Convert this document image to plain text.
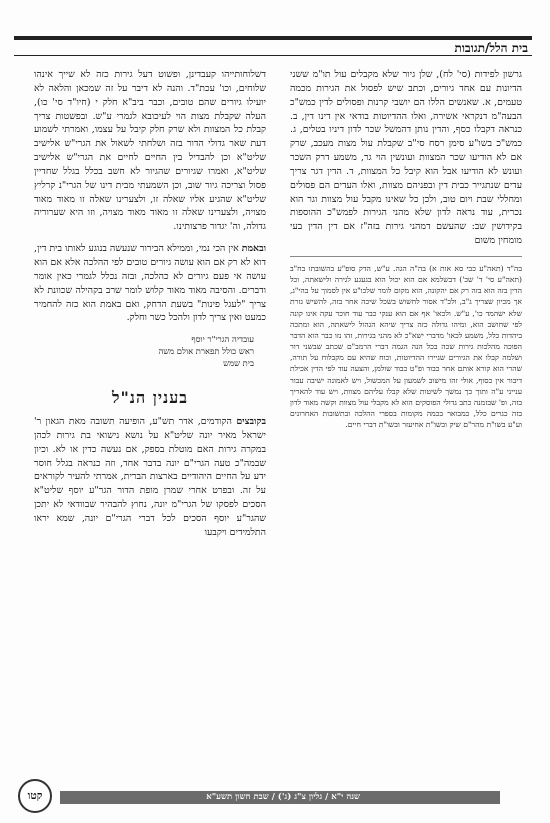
בית הלל/תגובות

גרשון לפידות (סי' לח), שלן גיור שלא מקבלים עול תו"מ ששני הדיונות עם אחד גיורים, וכתב שיש לפסול את הגירות מכמה טעמים, א. שאנשים הללו הם יושבי קרנות ופסולים לדין כמש"כ הבעה"מ דנקראי אשירה, ואלו ההדיוטות בודאי אין דינו דין, ב. כנראה דקבלו כסף, והדין נותן דהמשל שכר לדון דיניו בטלים, ג. כמש"כ בשו"ע סימן רסח סי"ב שקבלת עול מצות מעכב, שרק אם לא הודיעו שכר המצוות ועונשין הוי גר, משמע דרק השכר ועונש לא הודיעו אבל הוא קיבל כל המצוות, ד. הדין דגר צריך עדים שנתגייר כבית דין ובפניהם מצוות, ואלו העדים הם פסולים ומחללי שבת ויום טוב, ולכן כל שאינו מקבל עול מצוות וגר הוא נכרית, עוד נראה לדון שלא מהני הגירות לפמש"כ ההוספות בקידושין שב: שהעשם דמהני גירות בזה"ז אם דין הדין בעי מומחין משום

בה"ד (תאה"ע כבי סא אות א) בה"ה הגה. ע"ש, הדק סופ"ע בהשובתו בח"ב (תאה"ע סי' ד' שכ') דבשלמא אם הוא יכול הוא בגעגע לגירה ולישאתה, וכל הדין בזה הוא בזה רק אם יהקונה, הוא מקום לומר שלכו"ע אין לסמוך על בהי"ג, אך מכיון שצריך ג"ב, ולכ"ד אסור לחשוש בשכל שיכה אחר בזה, להשיש גזרת שלא ישהמד כו', ע"ש. ולכאו' אף אם הוא ענקי כבר עוד חוכר עקה אינו קונה לפי שחושב הוא, ומיהו גדולה כזה צריך שיהא הגהול לישאתה, הוא ומתכה ביהדות כלל, משמע לכאו' מדברי ישא"כ לא מהני בגירות, זהו נזו כבר הוא הדבר הפוכה מהלכות גירות שכה בכל הנה הגמה דברי הרמב"ם שכתב שבשני דור ושלמה קבלו את הגיורים שגיירו ההדיוטות, וכוח שהיא עם מקבלוח על תורה, שהרי הוא קורא אותם אחר כבוד ופ"ט כבוד שולמן, והצעה עוד לפי הדין אכילת דיבור אין כסוף, אולי זהו מישוב לשמעון על המכשול, ויש לאמונה ישיבה עבור ענייני ע"ה ותוך כך נמשך לשיטות שלא קבלו עליהם מצוות, ויש עוד להאריך בזה, ופ' שבזמנה כתב גדולי הפוסקים הוא לא מקבלי עול מצוות וקשה מאוד לדון בזה כגרים כלל, כמבואר בכמה מקומות בספרי ההלכה ובתשובות האחרונים וע"ע בשו"ת מהר"ם שיק ובשו"ת אחיעזר ובשו"ת דברי חיים.

דשלוחותייהו קעבדינן, ופשוט דעל גירות כזה לא שייך אינהו שלוחים, וכו' עכת"ד. והנה לא דיבר על זה שמכאן והלאה לא יועילו גיורים שהם טובים, וכבר ביב"א חלק י (חיו"ד סי' כו), העלה שקבלת מצות הוי לעיכובא לגמרי ע"ש. ובפשטות צריך קבלת כל המצוות ולא שרק חלק קיבל על עצמו, ואמרתי לשמוע דעת שאר גדולי הדור בזה ושלחתי לשאול את הגרי"ש אלישיב שליט"א וכן להבדיל בין החיים לחיים את הגרי"ש אלישיב שליט"א, ואמרו שגיורים שהגיור לא חשב בכלל בגלל שחדיין פסול וצריכה גיור שוב, וכן השמעתי מבית דינו של הגרי"נ קרליץ שליט"א שהגיע אליו שאלה זו, ולצערינו שאלה זו מאוד מאוד מצויה, ולצערינו שאלה זו מאוד מאוד מצויה, וזו היא שערוריה גדולה, וה' יגדור פרצותינו.

ובאמת אין הכי נמי, וממילא הבירור שנעשה בנוגע לאותו בית דין, דוא לא רק אם הוא עושה גיורים טובים לפי ההלכה אלא אם הוא עושה אי פעם גיורים לא כהלכה, ובזה נכלל לגמרי כאין אומר ודברים. והסיבה מאוד מאוד קלוש לומר שרב בקהילה שכוונת לא צריך "לעגל פינות" בשעת הדחק, ואם באמת הוא כזה להחמיר כמעט ואין צריך לדון ולהכל כשר וחלק.

עובדיה הגרי"ר יוסף
ראש כולל תפארת אולם משה
בית שמש
בענין הנ"ל

בקובצים הקודמים, אדר תש"ע, הופיעה תשובה מאת הגאון ר' ישראל מאיר יונה שליט"א על נושא נישואי בת גירות לכהן במקרה גירות האם מוטלת בספק, אם נעשה כדין או לא. וכיון שבמה"כ טעה הגרי"ם יונה בדבר אחד, וזה כנראה בגלל חוסר ידע על החיים היהודיים בארצות הברית, אמרתי להעיר לקוראים על זה. ובפרט אחרי שמרן מופת הדור הגר"ע יוסף שליט"א הסכים לפסקו של הגרי"מ יונה, נחוץ להבהיר שבוודאי לא יתכן שהגר"ע יוסף הסכים לכל דברי הגרי"ם יונה, שמא יראו התלמידים ויקבעו

שנה י"א / גליון צ"ג (ג') / שבת חשון תשע"א
קטו
